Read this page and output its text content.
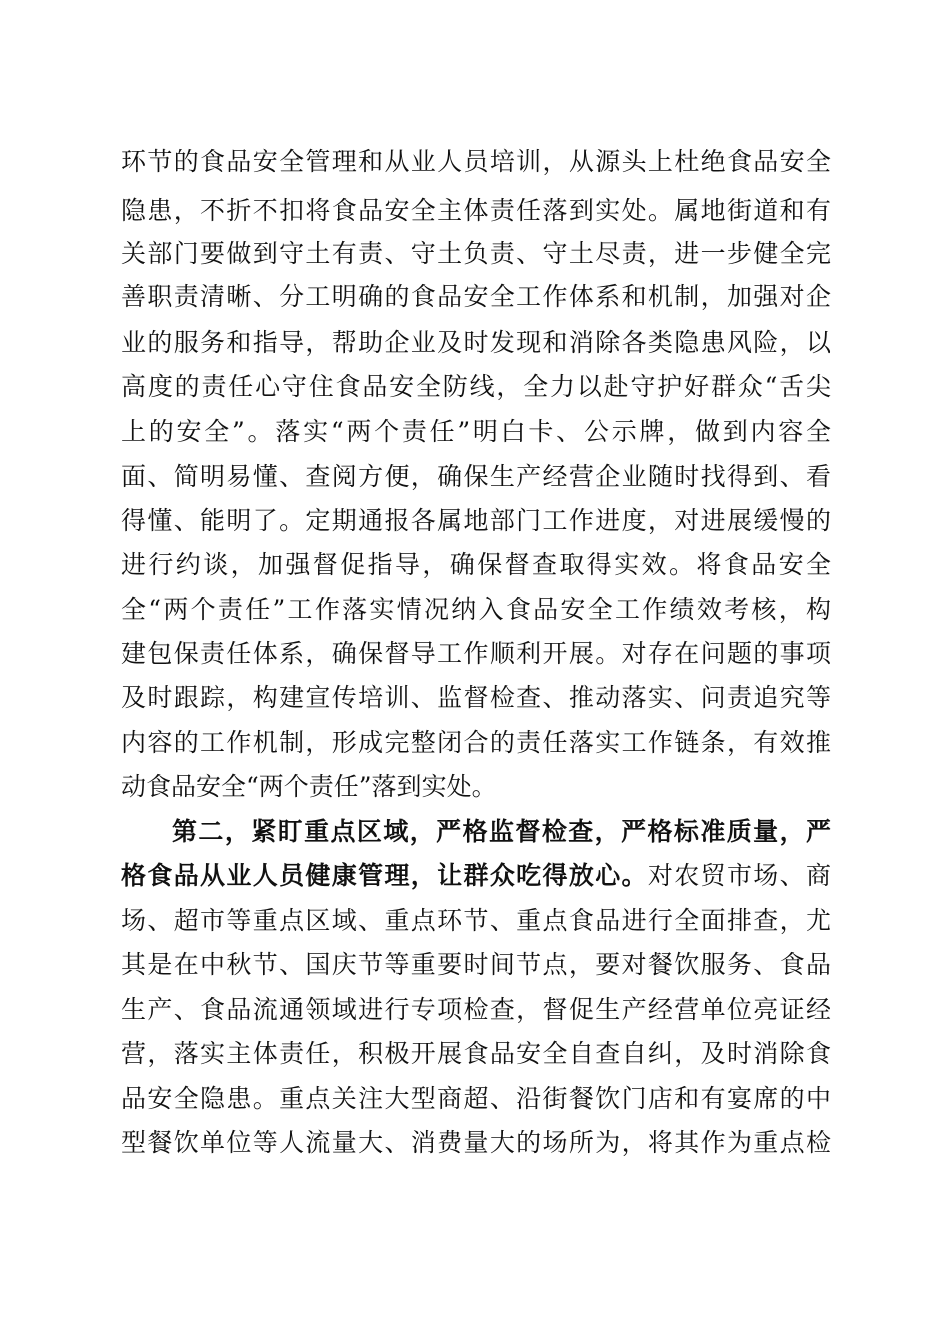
环节的食品安全管理和从业人员培训，从源头上杜绝食品安全
隐患，不折不扣将食品安全主体责任落到实处。属地街道和有
关部门要做到守土有责、守土负责、守土尽责，进一步健全完
善职责清晰、分工明确的食品安全工作体系和机制，加强对企
业的服务和指导，帮助企业及时发现和消除各类隐患风险，以
高度的责任心守住食品安全防线，全力以赴守护好群众“舌尖
上的安全”。落实“两个责任”明白卡、公示牌，做到内容全
面、简明易懂、查阅方便，确保生产经营企业随时找得到、看
得懂、能明了。定期通报各属地部门工作进度，对进展缓慢的
进行约谈，加强督促指导，确保督查取得实效。将食品安全
全“两个责任”工作落实情况纳入食品安全工作绩效考核，构
建包保责任体系，确保督导工作顺利开展。对存在问题的事项
及时跟踪，构建宣传培训、监督检查、推动落实、问责追究等
内容的工作机制，形成完整闭合的责任落实工作链条，有效推
动食品安全“两个责任”落到实处。
第二，紧盯重点区域，严格监督检查，严格标准质量，严
格食品从业人员健康管理，让群众吃得放心。对农贸市场、商
场、超市等重点区域、重点环节、重点食品进行全面排查，尤
其是在中秋节、国庆节等重要时间节点，要对餐饮服务、食品
生产、食品流通领域进行专项检查，督促生产经营单位亮证经
营，落实主体责任，积极开展食品安全自查自纠，及时消除食
品安全隐患。重点关注大型商超、沿街餐饮门店和有宴席的中
型餐饮单位等人流量大、消费量大的场所为，将其作为重点检
